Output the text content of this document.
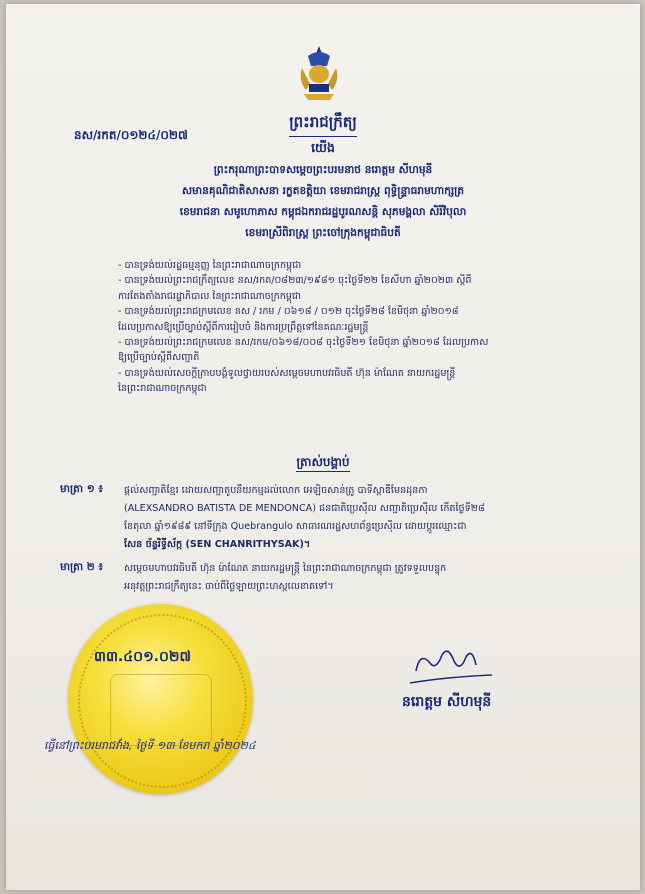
នស/រកត/០១២៤/០២៧
ព្រះរាជក្រឹត្យ
យើង
ព្រះករុណាព្រះបាទសម្តេចព្រះបរមនាថ នរោត្តម សីហមុនី
សមានគុណិជាតិសាសនា រក្ខតខត្តិយា ខេមរាជរាស្ត្រ ពុទ្ធិន្ទ្រាធរាមហាក្សត្រ
ខេមរាជនា សមូហោភាស កម្ពុជឯករាជរដ្ឋបូរណសន្តិ សុភមង្គលា សិរីវិបុលា
ខេមរាស្រីពិរាស្ត្រ ព្រះចៅក្រុងកម្ពុជាធិបតី
- បានទ្រង់យល់រដ្ឋធម្មនុញ្ញ នៃព្រះរាជាណាចក្រកម្ពុជា
- បានទ្រង់យល់ព្រះរាជក្រឹត្យលេខ នស/រកត/០៨២៣/១៩៨១ ចុះថ្ងៃទី២២ ខែសីហា ឆ្នាំ២០២៣ ស្តីពី
ការតែងតាំងរាជរដ្ឋាភិបាល នៃព្រះរាជាណាចក្រកម្ពុជា
- បានទ្រង់យល់ព្រះរាជក្រមលេខ នស / រកម / ០៦១៨ / ០១២ ចុះថ្ងៃទី២៨ ខែមិថុនា ឆ្នាំ២០១៨
ដែលប្រកាសឱ្យប្រើច្បាប់ស្តីពីការរៀបចំ និងការប្រព្រឹត្តទៅនៃគណៈរដ្ឋមន្ត្រី
- បានទ្រង់យល់ព្រះរាជក្រមលេខ នស/រកម/០៦១៨/០០៨ ចុះថ្ងៃទី២១ ខែមិថុនា ឆ្នាំ២០១៨ ដែលប្រកាស
ឱ្យប្រើច្បាប់ស្តីពីសញ្ជាតិ
- បានទ្រង់យល់សេចក្តីក្រាបបង្គំទូលថ្វាយរបស់សម្តេចមហាបវរធិបតី ហ៊ុន ម៉ាណែត នាយករដ្ឋមន្ត្រី
នៃព្រះរាជាណាចក្រកម្ពុជា
ត្រាស់បង្គាប់
មាត្រា ១ ៖ ផ្តល់សញ្ជាតិខ្មែរ ដោយសញ្ជាតូបនីយកម្មដល់លោក អេឡិចសាន់ត្រូ បាទីស្តាឌីមែនដុនកា
(ALEXSANDRO BATISTA DE MENDONCA) ជនជាតិប្រេស៊ីល សញ្ជាតិប្រេស៊ីល កើតថ្ងៃទី២៨
ខែតុលា ឆ្នាំ១៩៨៩ នៅទីក្រុង Quebrangulo សាធារណរដ្ឋសហព័ន្ធប្រេស៊ីល ដោយប្តូរឈ្មោះជា
សែន ច័ន្ទរិទ្ធីស័ក្ក (SEN CHANRITHYSAK)។
មាត្រា ២ ៖ សម្តេចមហាបវរធិបតី ហ៊ុន ម៉ាណែត នាយករដ្ឋមន្ត្រី នៃព្រះរាជាណាចក្រកម្ពុជា ត្រូវទទួលបន្ទុក
អនុវត្តព្រះរាជក្រឹត្យនេះ ចាប់ពីថ្ងៃឡាយព្រះហស្តលេខាតទៅ។
៣៣.៤០១.០២៧
នរោត្តម សីហមុនី
ធ្វើនៅព្រះបរមរាជវាំង, ថ្ងៃទី ១៣ ខែមករា ឆ្នាំ២០២៤
